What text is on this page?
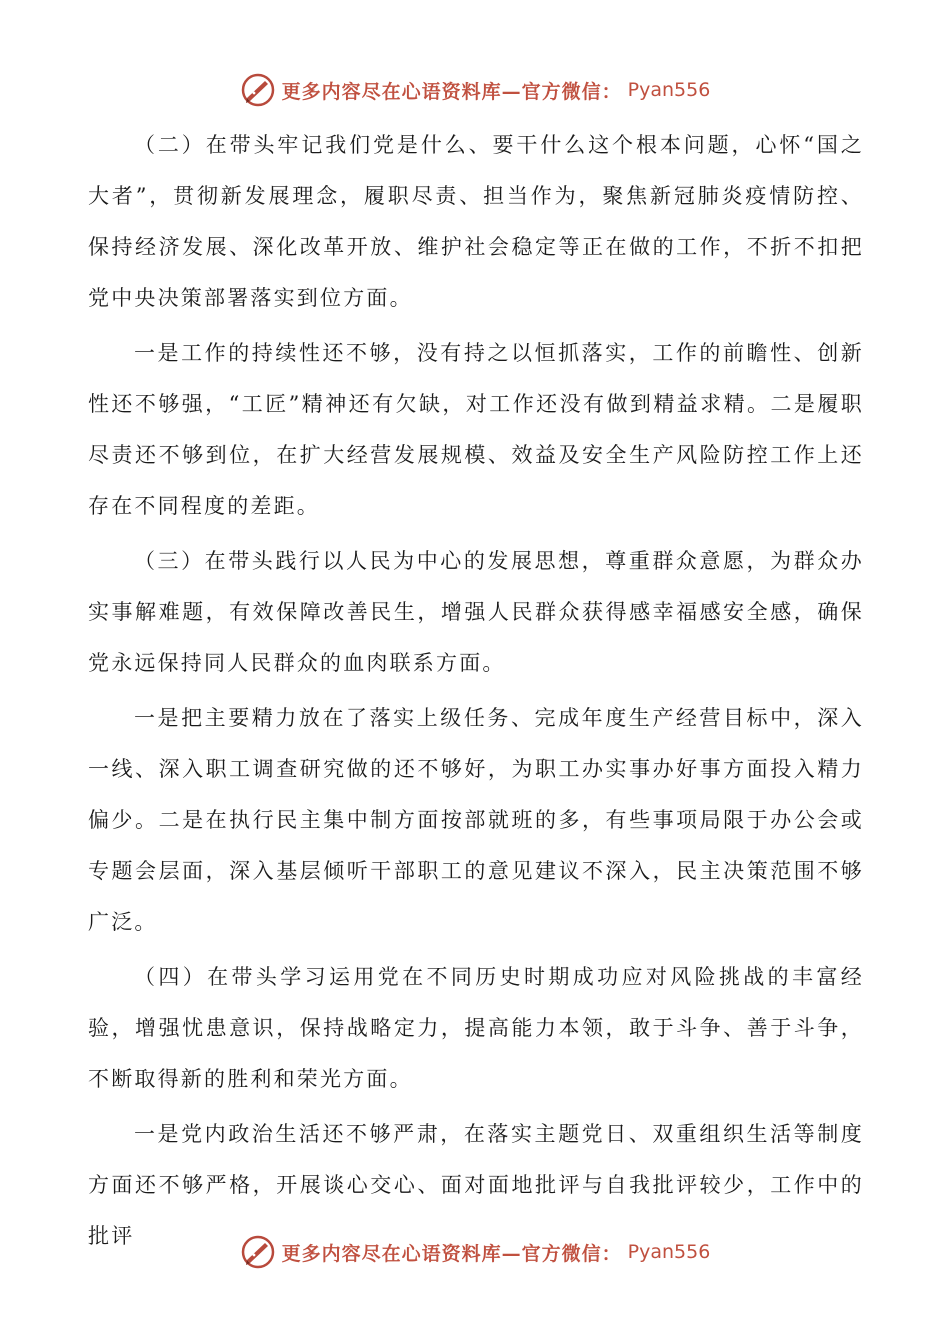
更多内容尽在心语资料库—官方微信： Pyan556

（二）在带头牢记我们党是什么、要干什么这个根本问题，心怀“国之大者”，贯彻新发展理念，履职尽责、担当作为，聚焦新冠肺炎疫情防控、保持经济发展、深化改革开放、维护社会稳定等正在做的工作，不折不扣把党中央决策部署落实到位方面。

一是工作的持续性还不够，没有持之以恒抓落实，工作的前瞻性、创新性还不够强，“工匠”精神还有欠缺，对工作还没有做到精益求精。二是履职尽责还不够到位，在扩大经营发展规模、效益及安全生产风险防控工作上还存在不同程度的差距。

（三）在带头践行以人民为中心的发展思想，尊重群众意愿，为群众办实事解难题，有效保障改善民生，增强人民群众获得感幸福感安全感，确保党永远保持同人民群众的血肉联系方面。

一是把主要精力放在了落实上级任务、完成年度生产经营目标中，深入一线、深入职工调查研究做的还不够好，为职工办实事办好事方面投入精力偏少。二是在执行民主集中制方面按部就班的多，有些事项局限于办公会或专题会层面，深入基层倾听干部职工的意见建议不深入，民主决策范围不够广泛。

（四）在带头学习运用党在不同历史时期成功应对风险挑战的丰富经验，增强忧患意识，保持战略定力，提高能力本领，敢于斗争、善于斗争，不断取得新的胜利和荣光方面。

一是党内政治生活还不够严肃，在落实主题党日、双重组织生活等制度方面还不够严格，开展谈心交心、面对面地批评与自我批评较少，工作中的批评

更多内容尽在心语资料库—官方微信： Pyan556
